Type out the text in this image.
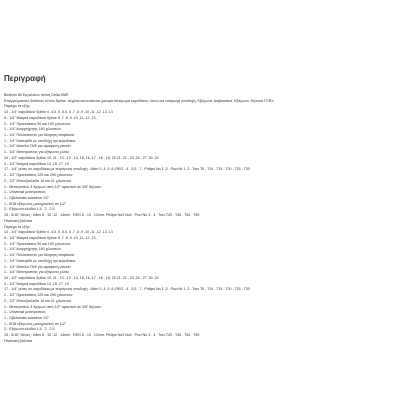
Περιγραφή
Βαλίτσα 86 Εργαλείων τύπος Delta SME
Επαγγελματικές θαλίτσες τύπου Spline. Δέχεται κανονικά και χαλαρά σπείρωμα καρυδάκια, όπως και εισαγωγή υποδοχή, Εξάγωνα, Διαβασάκια, Εξάγωνο, Θηλυκά TORX.
Περιέχει τα εξής:
13 - 1/4" καρυδάκια Spline 4 ,4.5 ,5 ,5.5 ,6 ,7 ,8 ,9 ,10 ,11 ,12 ,13 ,14
8 - 1/4" Μακριά καρυδάκια Spline 6 ,7 ,8 ,9 ,10 ,11 ,12 ,13,
2 - 1/4" Προεκτάσεις 50 και 100 χιλιοστών
1 - 1/4" Αναρρηχητής 160 χιλιοστών
1 - 1/4" Πολύσπαστο για διάτρητη επιφάνεια
1 - 1/4" Κατσαβίδι με υποδοχή για καρυδάκια
1 - 1/4" Μανέλα ΤΑΦ για αφαίρεση μπετόν
1 - 1/4" Μετατροπέας για εξάγωνες μύτες
16 - 1/2" καρυδάκια Spline 10, 11 , 12 , 13 , 14, 15, 16, 17 , 18 , 19, 20 21, 22 , 23 ,24 , 27 ,30 ,32
4 - 1/2" Μακριά καρυδάκια 14 ,15 ,17 ,19
17 - 1/4" μύτες σε καρυδάκια με τετράγωνη υποδοχή : Allen 3 ,4 ,5 ,6, REG - 4 , 5.5 , 7 , Philips No 1 ,2 , Pozi Nr 1 ,2 , Torx T8 , T10 , T15 , T20 , T25 , T30
2 - 1/2" Προεκτάσεις 125 και 250 χιλιοστών
2 - 1/2" Μπουζόκλειδα 16 και 21 χιλιοστών
1 - Μετατροπείς 3 δρόμων από 1/2" αρσενικό σε 3/8" θηλυκό
1 - Universal μετατροπέας
1 - Οβελισκάκι καστάνια 1/2"
1 - 5/16 εξάγωνος μεταγραστός σε 1/2"
3 - Εξάγωνα κλειδιά 1.5 , 2 , 2.5
15 - 5/16" Μύτες : Allen 8 , 10 ,12 , 14mm . REG 8 , 10 , 12mm. Philips No3 No4 , Pozi No 3 , 4 . Torx T40 , T45 , T50 , T55
Πλαστική βαλίτσα
Περιέχει τα εξής:
13 - 1/4" καρυδάκια Spline 4 ,4.5 ,5 ,5.5 ,6 ,7 ,8 ,9 ,10 ,11 ,12 ,13 ,14
8 - 1/4" Μακριά καρυδάκια Spline 6 ,7 ,8 ,9 ,10 ,11 ,12 ,13,
2 - 1/4" Προεκτάσεις 50 και 100 χιλιοστών
1 - 1/4" Αναρρηχητής 160 χιλιοστών
1 - 1/4" Πολύσπαστο για διάτρητη επιφάνεια
1 - 1/4" Κατσαβίδι με υποδοχή για καρυδάκια
1 - 1/4" Μανέλα ΤΑΦ για αφαίρεση μπετόν
1 - 1/4" Μετατροπέας για εξάγωνες μύτες
16 - 1/2" καρυδάκια Spline 10, 11 , 12 , 13 , 14, 15, 16, 17 , 18 , 19, 20 21, 22 , 23 ,24 , 27 ,30 ,32
4 - 1/2" Μακριά καρυδάκια 14 ,15 ,17 ,19
17 - 1/4" μύτες σε καρυδάκια με τετράγωνη υποδοχή : Allen 3 ,4 ,5 ,6, REG - 4 , 5.5 , 7 , Philips No 1 ,2 , Pozi Nr 1 ,2 , Torx T8 , T10 , T15 , T20 , T25 , T30
2 - 1/2" Προεκτάσεις 125 και 250 χιλιοστών
2 - 1/2" Μπουζόκλειδα 16 και 21 χιλιοστών
1 - Μετατροπείς 3 δρόμων από 1/2" αρσενικό σε 3/8" θηλυκό
1 - Universal μετατροπέας
1 - Οβελισκάκι καστάνια 1/2"
1 - 5/16 εξάγωνος μεταγραστός σε 1/2"
3 - Εξάγωνα κλειδιά 1.5 , 2 , 2.5
15 - 5/16" Μύτες : Allen 8 , 10 ,12 , 14mm . REG 8 , 10 , 12mm. Philips No3 No4 , Pozi No 3 , 4 . Torx T40 , T45 , T50 , T55
Πλαστική βαλίτσα
